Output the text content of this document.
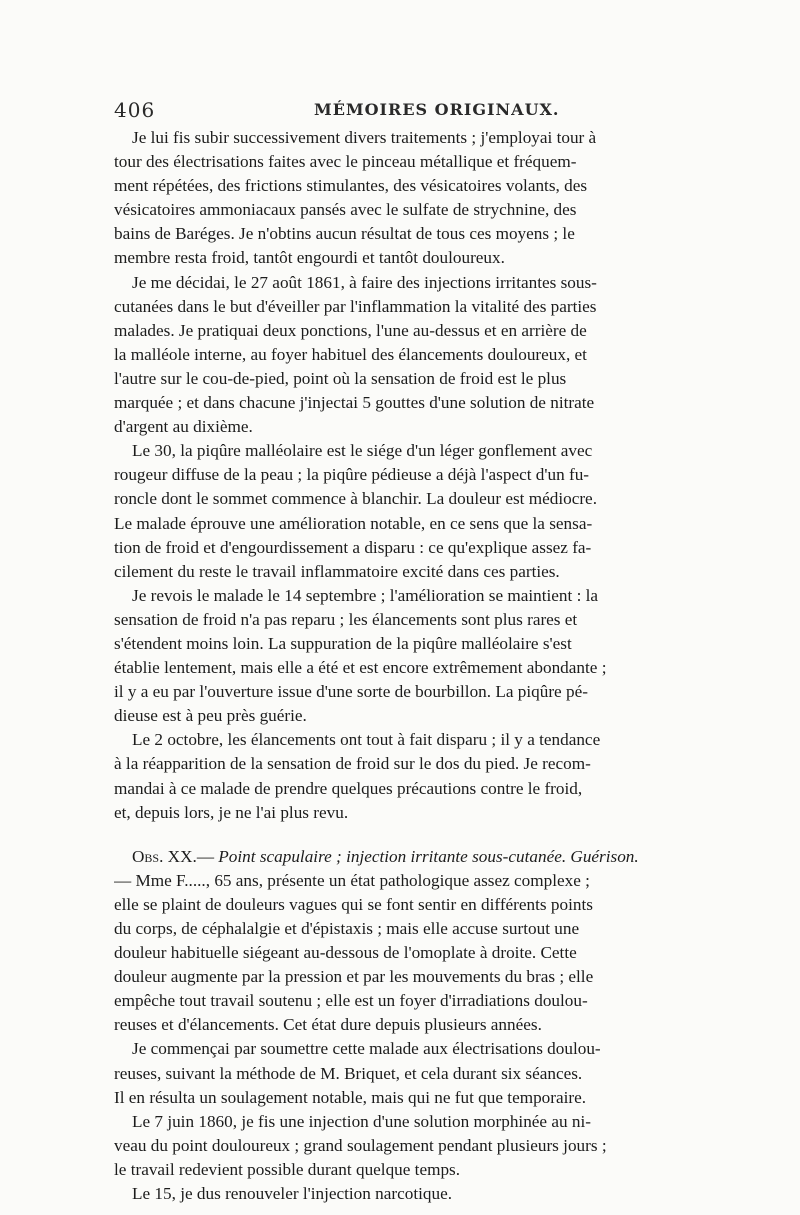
406	MÉMOIRES ORIGINAUX.
Je lui fis subir successivement divers traitements ; j'employai tour à
tour des électrisations faites avec le pinceau métallique et fréquem-
ment répétées, des frictions stimulantes, des vésicatoires volants, des
vésicatoires ammoniacaux pansés avec le sulfate de strychnine, des
bains de Baréges. Je n'obtins aucun résultat de tous ces moyens ; le
membre resta froid, tantôt engourdi et tantôt douloureux.
Je me décidai, le 27 août 1861, à faire des injections irritantes sous-
cutanées dans le but d'éveiller par l'inflammation la vitalité des parties
malades. Je pratiquai deux ponctions, l'une au-dessus et en arrière de
la malléole interne, au foyer habituel des élancements douloureux, et
l'autre sur le cou-de-pied, point où la sensation de froid est le plus
marquée ; et dans chacune j'injectai 5 gouttes d'une solution de nitrate
d'argent au dixième.
Le 30, la piqûre malléolaire est le siége d'un léger gonflement avec
rougeur diffuse de la peau ; la piqûre pédieuse a déjà l'aspect d'un fu-
roncle dont le sommet commence à blanchir. La douleur est médiocre.
Le malade éprouve une amélioration notable, en ce sens que la sensa-
tion de froid et d'engourdissement a disparu : ce qu'explique assez fa-
cilement du reste le travail inflammatoire excité dans ces parties.
Je revois le malade le 14 septembre ; l'amélioration se maintient : la
sensation de froid n'a pas reparu ; les élancements sont plus rares et
s'étendent moins loin. La suppuration de la piqûre malléolaire s'est
établie lentement, mais elle a été et est encore extrêmement abondante ;
il y a eu par l'ouverture issue d'une sorte de bourbillon. La piqûre pé-
dieuse est à peu près guérie.
Le 2 octobre, les élancements ont tout à fait disparu ; il y a tendance
à la réapparition de la sensation de froid sur le dos du pied. Je recom-
mandai à ce malade de prendre quelques précautions contre le froid,
et, depuis lors, je ne l'ai plus revu.
Obs. XX.— Point scapulaire ; injection irritante sous-cutanée. Guérison.
— Mme F....., 65 ans, présente un état pathologique assez complexe ;
elle se plaint de douleurs vagues qui se font sentir en différents points
du corps, de céphalalgie et d'épistaxis ; mais elle accuse surtout une
douleur habituelle siégeant au-dessous de l'omoplate à droite. Cette
douleur augmente par la pression et par les mouvements du bras ; elle
empêche tout travail soutenu ; elle est un foyer d'irradiations doulou-
reuses et d'élancements. Cet état dure depuis plusieurs années.
Je commençai par soumettre cette malade aux électrisations doulou-
reuses, suivant la méthode de M. Briquet, et cela durant six séances.
Il en résulta un soulagement notable, mais qui ne fut que temporaire.
Le 7 juin 1860, je fis une injection d'une solution morphinée au ni-
veau du point douloureux ; grand soulagement pendant plusieurs jours ;
le travail redevient possible durant quelque temps.
Le 15, je dus renouveler l'injection narcotique.
